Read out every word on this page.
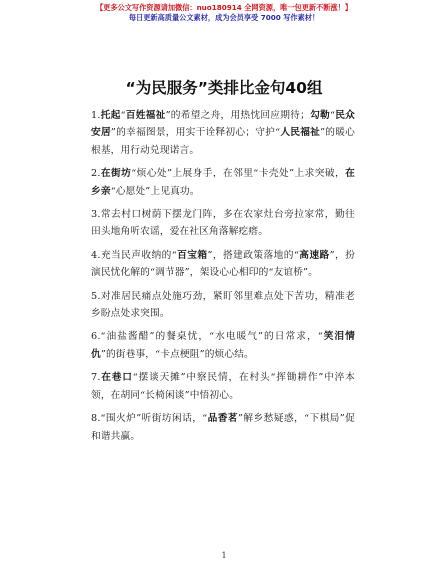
【更多公文写作资源请加微信：nuo180914 全网资源，唯一包更新不断涨！】
每日更新高质量公文素材，成为会员享受 7000 写作素材！
“为民服务”类排比金句40组

1.托起“百姓福祉”的希望之舟，用热忱回应期待；勾勒“民众安居”的幸福图景，用实干诠释初心；守护“人民福祉”的暖心根基，用行动兑现诺言。

2.在街坊“烦心处”上展身手，在邻里“卡壳处”上求突破，在乡亲“心愿处”上见真功。

3.常去村口树荫下摆龙门阵，多在农家灶台旁拉家常，勤往田头地角听农谣，爱在社区角落解疙瘩。

4.充当民声收纳的“百宝箱”，搭建政策落地的“高速路”，扮演民忧化解的“调节器”，架设心心相印的“友谊桥”。

5.对准居民痛点处施巧劲，紧盯邻里难点处下苦功，精准老乡盼点处求突围。

6.“油盐酱醋”的餐桌忧，“水电暖气”的日常求，“笑泪情仇”的街巷事，“卡点梗阻”的烦心结。

7.在巷口“摆谈天摊”中察民情，在村头“挥锄耕作”中淬本领，在胡同“长椅闲谈”中悟初心。

8.“围火炉”听街坊闲话，“品香茗”解乡愁疑惑，“下棋局”促和谐共赢。

1
